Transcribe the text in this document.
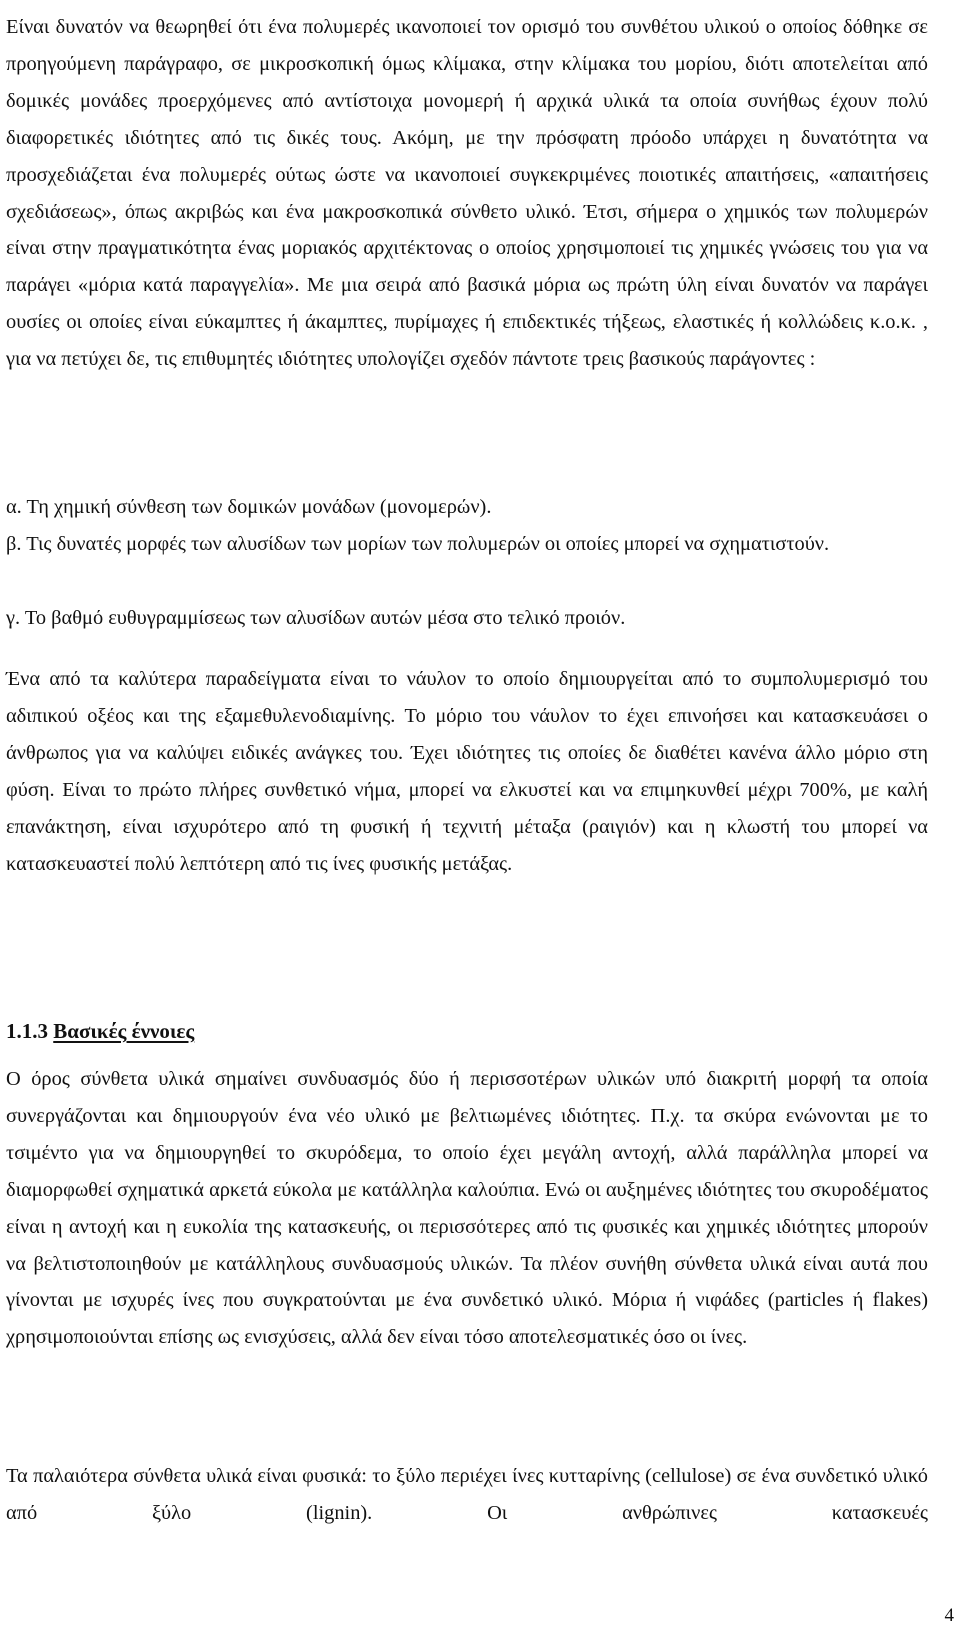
Είναι δυνατόν να θεωρηθεί ότι ένα πολυμερές ικανοποιεί τον ορισμό του συνθέτου υλικού ο οποίος δόθηκε σε προηγούμενη παράγραφο, σε μικροσκοπική όμως κλίμακα, στην κλίμακα του μορίου, διότι αποτελείται από δομικές μονάδες προερχόμενες από αντίστοιχα μονομερή ή αρχικά υλικά τα οποία συνήθως έχουν πολύ διαφορετικές ιδιότητες από τις δικές τους. Ακόμη, με την πρόσφατη πρόοδο υπάρχει η δυνατότητα να προσχεδιάζεται ένα πολυμερές ούτως ώστε να ικανοποιεί συγκεκριμένες ποιοτικές απαιτήσεις, «απαιτήσεις σχεδιάσεως», όπως ακριβώς και ένα μακροσκοπικά σύνθετο υλικό. Έτσι, σήμερα ο χημικός των πολυμερών είναι στην πραγματικότητα ένας μοριακός αρχιτέκτονας ο οποίος χρησιμοποιεί τις χημικές γνώσεις του για να παράγει «μόρια κατά παραγγελία». Με μια σειρά από βασικά μόρια ως πρώτη ύλη είναι δυνατόν να παράγει ουσίες οι οποίες είναι εύκαμπτες ή άκαμπτες, πυρίμαχες ή επιδεκτικές τήξεως, ελαστικές ή κολλώδεις κ.ο.κ. , για να πετύχει δε, τις επιθυμητές ιδιότητες υπολογίζει σχεδόν πάντοτε τρεις βασικούς παράγοντες :
α. Τη χημική σύνθεση των δομικών μονάδων (μονομερών).
β. Τις δυνατές μορφές των αλυσίδων των μορίων των πολυμερών οι οποίες μπορεί να σχηματιστούν.
γ. Το βαθμό ευθυγραμμίσεως των αλυσίδων αυτών μέσα στο τελικό προιόν.
Ένα από τα καλύτερα παραδείγματα είναι το νάυλον το οποίο δημιουργείται από το συμπολυμερισμό του αδιπικού οξέος και της εξαμεθυλενοδιαμίνης. Το μόριο του νάυλον το έχει επινοήσει και κατασκευάσει ο άνθρωπος για να καλύψει ειδικές ανάγκες του. Έχει ιδιότητες τις οποίες δε διαθέτει κανένα άλλο μόριο στη φύση. Είναι το πρώτο πλήρες συνθετικό νήμα, μπορεί να ελκυστεί και να επιμηκυνθεί μέχρι 700%, με καλή επανάκτηση, είναι ισχυρότερο από τη φυσική ή τεχνιτή μέταξα (ραιγιόν) και η κλωστή του μπορεί να κατασκευαστεί πολύ λεπτότερη από τις ίνες φυσικής μετάξας.
1.1.3 Βασικές έννοιες
Ο όρος σύνθετα υλικά σημαίνει συνδυασμός δύο ή περισσοτέρων υλικών υπό διακριτή μορφή τα οποία συνεργάζονται και δημιουργούν ένα νέο υλικό με βελτιωμένες ιδιότητες. Π.χ. τα σκύρα ενώνονται με το τσιμέντο για να δημιουργηθεί το σκυρόδεμα, το οποίο έχει μεγάλη αντοχή, αλλά παράλληλα μπορεί να διαμορφωθεί σχηματικά αρκετά εύκολα με κατάλληλα καλούπια. Ενώ οι αυξημένες ιδιότητες του σκυροδέματος είναι η αντοχή και η ευκολία της κατασκευής, οι περισσότερες από τις φυσικές και χημικές ιδιότητες μπορούν να βελτιστοποιηθούν με κατάλληλους συνδυασμούς υλικών. Τα πλέον συνήθη σύνθετα υλικά είναι αυτά που γίνονται με ισχυρές ίνες που συγκρατούνται με ένα συνδετικό υλικό. Μόρια ή νιφάδες (particles ή flakes) χρησιμοποιούνται επίσης ως ενισχύσεις, αλλά δεν είναι τόσο αποτελεσματικές όσο οι ίνες.
Τα παλαιότερα σύνθετα υλικά είναι φυσικά: το ξύλο περιέχει ίνες κυτταρίνης (cellulose) σε ένα συνδετικό υλικό από ξύλο (lignin). Οι ανθρώπινες κατασκευές
4
